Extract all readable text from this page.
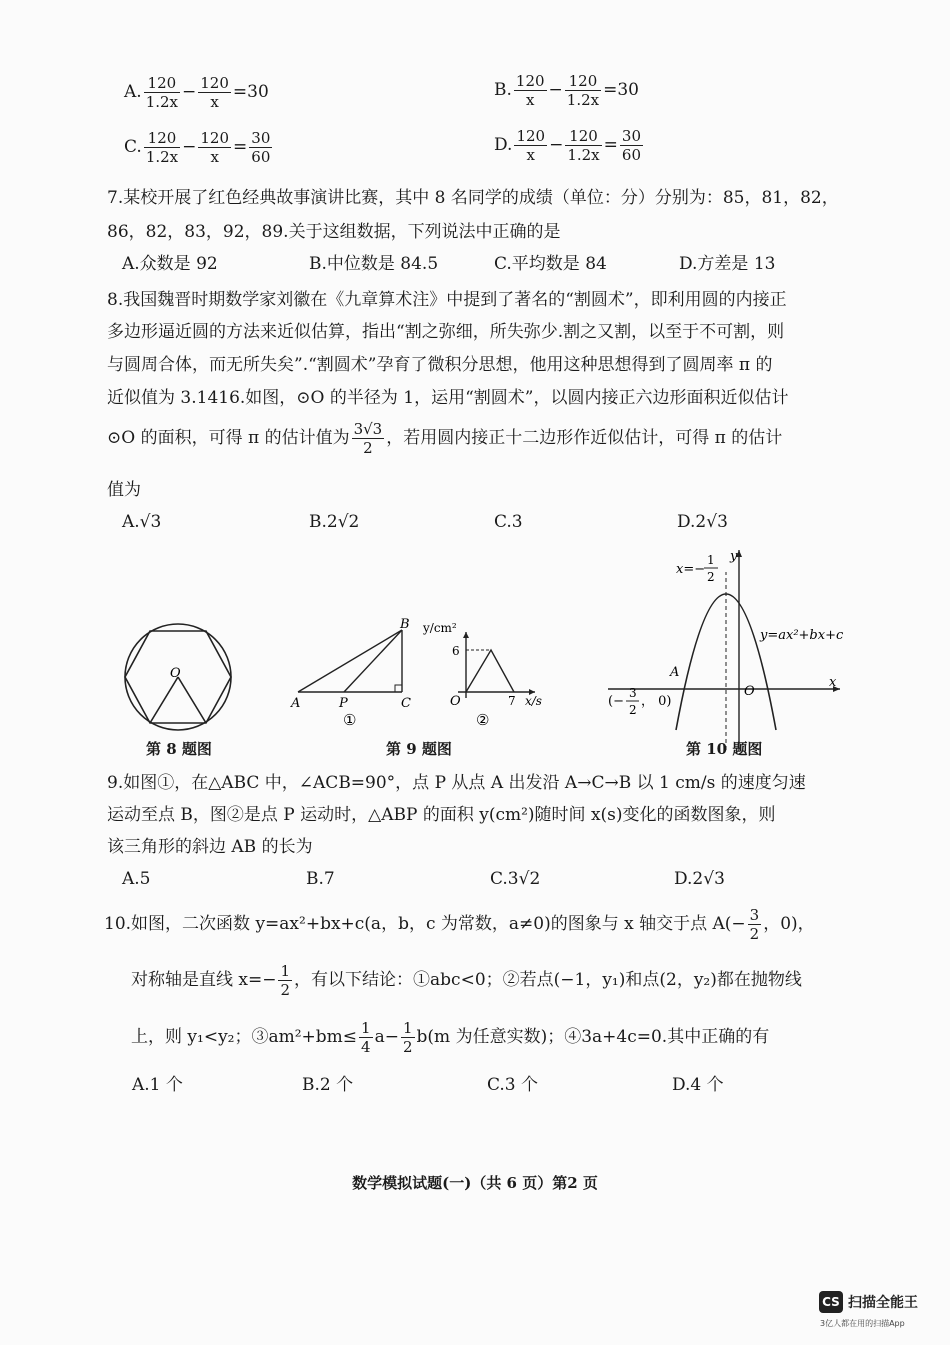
A. $\frac{120}{1.2x} - \frac{120}{x} =30$	B. $\frac{120}{x} - \frac{120}{1.2x} =30$
C. $\frac{120}{1.2x} - \frac{120}{x} = \frac{30}{60}$	D. $\frac{120}{x} - \frac{120}{1.2x} = \frac{30}{60}$
7.某校开展了红色经典故事演讲比赛，其中 8 名同学的成绩（单位：分）分别为：85，81，82，
86，82，83，92，89.关于这组数据，下列说法中正确的是
A.众数是 92	B.中位数是 84.5	C.平均数是 84	D.方差是 13
8.我国魏晋时期数学家刘徽在《九章算术注》中提到了著名的“割圆术”，即利用圆的内接正
多边形逼近圆的方法来近似估算，指出“割之弥细，所失弥少.割之又割，以至于不可割，则
与圆周合体，而无所失矣”.“割圆术”孕育了微积分思想，他用这种思想得到了圆周率 π 的
近似值为 3.1416.如图，⊙O 的半径为 1，运用“割圆术”，以圆内接正六边形面积近似估计
⊙O 的面积，可得 π 的估计值为 $\frac{3√3}{2}$ ，若用圆内接正十二边形作近似估计，可得 π 的估计
值为
A.√3	B.2√2	C.3	D.2√3
O
A	P	C
B
①
y/cm²
6
O	7 x/s
②
x=−
1
2
y
x
O
A
y=ax²+bx+c
(−
3
2
， 0)
第 8 题图	第 9 题图	第 10 题图
9.如图①，在△ABC 中，∠ACB=90°，点 P 从点 A 出发沿 A→C→B 以 1 cm/s 的速度匀速
运动至点 B，图②是点 P 运动时，△ABP 的面积 y(cm²)随时间 x(s)变化的函数图象，则
该三角形的斜边 AB 的长为
A.5	B.7	C.3√2	D.2√3
10.如图，二次函数 y=ax²+bx+c(a，b，c 为常数，a≠0)的图象与 x 轴交于点 $A(- \frac{3}{2}$ ，0)，
对称轴是直线 $x=- \frac{1}{2}$ ，有以下结论：①abc<0；②若点(−1，y₁)和点(2，y₂)都在抛物线
上，则 y₁<y₂；③am²+bm≤ $\frac{1}{4} a- \frac{1}{2} b(m$ 为任意实数)；④3a+4c=0.其中正确的有
A.1 个	B.2 个	C.3 个	D.4 个
数学模拟试题(一)（共 6 页）第2 页
CS 扫描全能王
3亿人都在用的扫描App
